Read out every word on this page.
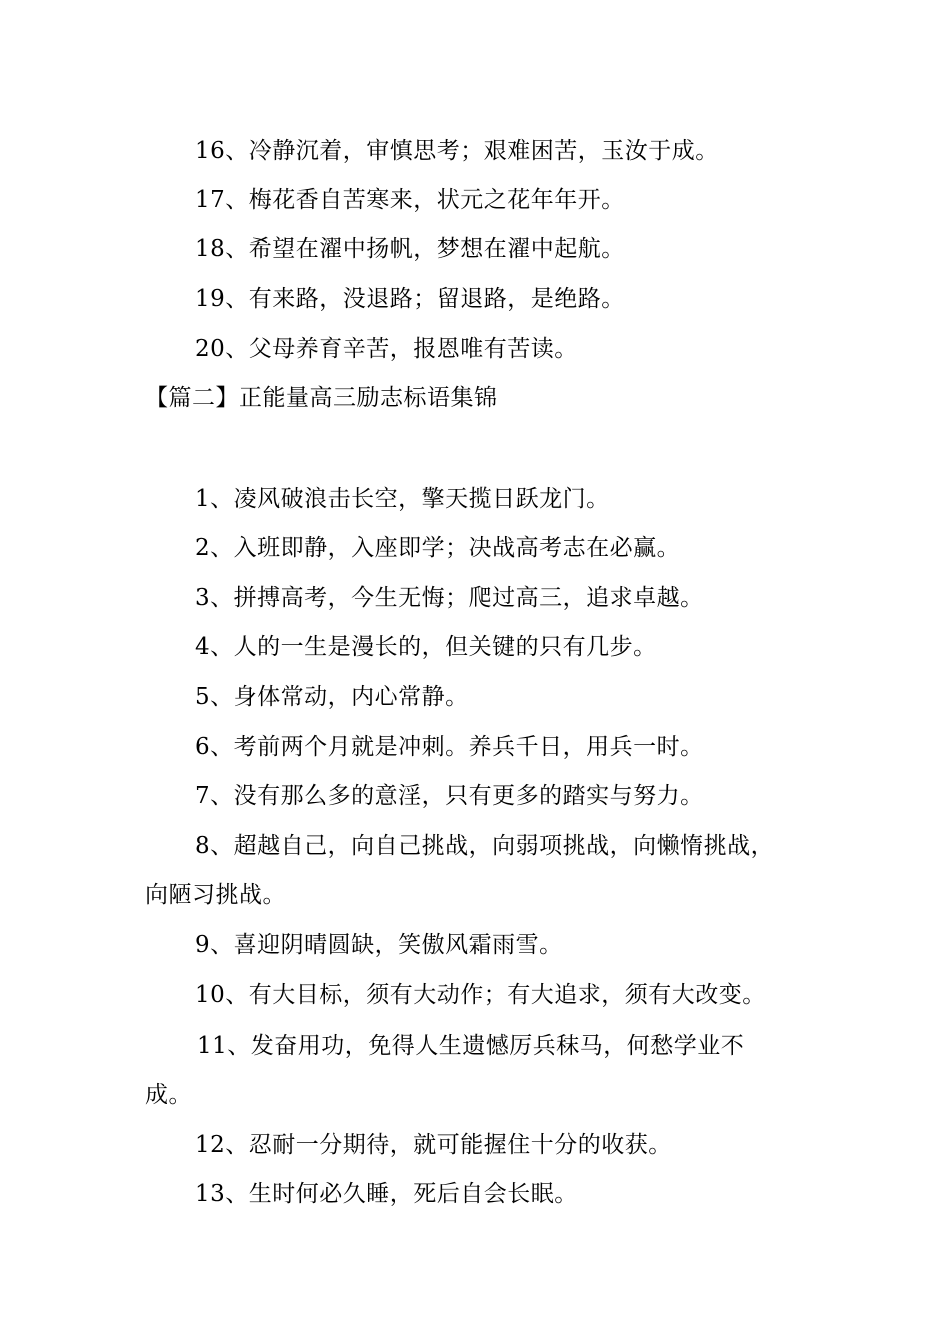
16、冷静沉着，审慎思考；艰难困苦，玉汝于成。
17、梅花香自苦寒来，状元之花年年开。
18、希望在濯中扬帆，梦想在濯中起航。
19、有来路，没退路；留退路，是绝路。
20、父母养育辛苦，报恩唯有苦读。
【篇二】正能量高三励志标语集锦
1、凌风破浪击长空，擎天揽日跃龙门。
2、入班即静，入座即学；决战高考志在必赢。
3、拼搏高考，今生无悔；爬过高三，追求卓越。
4、人的一生是漫长的，但关键的只有几步。
5、身体常动，内心常静。
6、考前两个月就是冲刺。养兵千日，用兵一时。
7、没有那么多的意淫，只有更多的踏实与努力。
8、超越自己，向自己挑战，向弱项挑战，向懒惰挑战，
向陋习挑战。
9、喜迎阴晴圆缺，笑傲风霜雨雪。
10、有大目标，须有大动作；有大追求，须有大改变。
11、发奋用功，免得人生遗憾厉兵秣马，何愁学业不
成。
12、忍耐一分期待，就可能握住十分的收获。
13、生时何必久睡，死后自会长眠。
